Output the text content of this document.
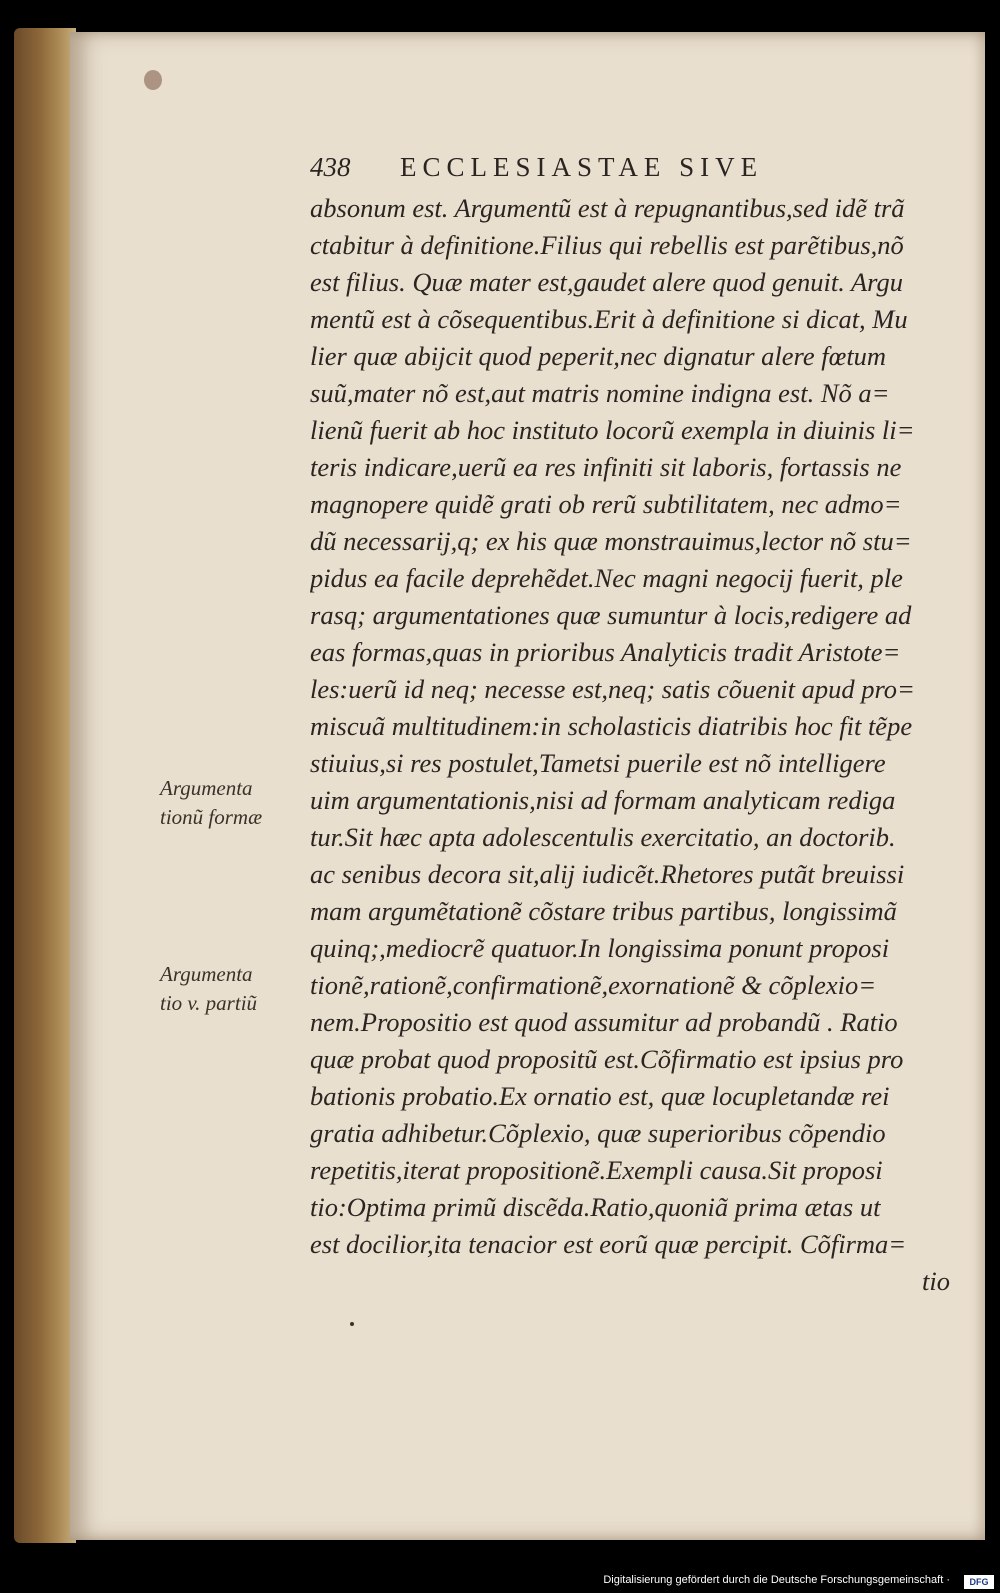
438	ECCLESIASTAE SIVE
absonum est. Argumentũ est à repugnantibus,sed idẽ trã
ctabitur à definitione.Filius qui rebellis est parẽtibus,nõ
est filius. Quæ mater est,gaudet alere quod genuit. Argu
mentũ est à cõsequentibus.Erit à definitione si dicat, Mu
lier quæ abijcit quod peperit,nec dignatur alere fœtum
suũ,mater nõ est,aut matris nomine indigna est. Nõ a=
lienũ fuerit ab hoc instituto locorũ exempla in diuinis li=
teris indicare,uerũ ea res infiniti sit laboris, fortassis ne
magnopere quidẽ grati ob rerũ subtilitatem, nec admo=
dũ necessarij,q; ex his quæ monstrauimus,lector nõ stu=
pidus ea facile deprehẽdet.Nec magni negocij fuerit, ple
rasq; argumentationes quæ sumuntur à locis,redigere ad
eas formas,quas in prioribus Analyticis tradit Aristote=
les:uerũ id neq; necesse est,neq; satis cõuenit apud pro=
miscuã multitudinem:in scholasticis diatribis hoc fit tẽpe
stiuius,si res postulet,Tametsi puerile est nõ intelligere
uim argumentationis,nisi ad formam analyticam rediga
tur.Sit hæc apta adolescentulis exercitatio, an doctorib.
ac senibus decora sit,alij iudicẽt.Rhetores putãt breuissi
mam argumẽtationẽ cõstare tribus partibus, longissimã
quinq;,mediocrẽ quatuor.In longissima ponunt proposi
tionẽ,rationẽ,confirmationẽ,exornationẽ & cõplexio=
nem.Propositio est quod assumitur ad probandũ . Ratio
quæ probat quod propositũ est.Cõfirmatio est ipsius pro
bationis probatio.Ex ornatio est, quæ locupletandæ rei
gratia adhibetur.Cõplexio, quæ superioribus cõpendio
repetitis,iterat propositionẽ.Exempli causa.Sit proposi
tio:Optima primũ discẽda.Ratio,quoniã prima ætas ut
est docilior,ita tenacior est eorũ quæ percipit. Cõfirma=
tio
Argumenta
tionũ formæ
Argumenta
tio v. partiũ
Digitalisierung gefördert durch die Deutsche Forschungsgemeinschaft ·	DFG
